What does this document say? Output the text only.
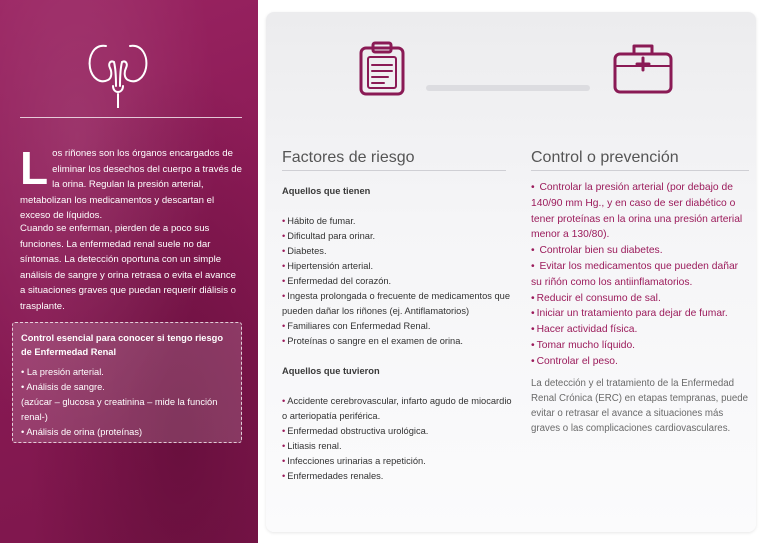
L os riñones son los órganos encargados de eliminar los desechos del cuerpo a través de la orina. Regulan la presión arterial, metabolizan los medicamentos y descartan el exceso de líquidos.
Cuando se enferman, pierden de a poco sus funciones. La enfermedad renal suele no dar síntomas. La detección oportuna con un simple análisis de sangre y orina retrasa o evita el avance a situaciones graves que puedan requerir diálisis o trasplante.
Control esencial para conocer si tengo riesgo de Enfermedad Renal
• La presión arterial.
• Análisis de sangre.
(azúcar – glucosa y creatinina – mide la función renal-)
• Análisis de orina (proteínas)
Factores de riesgo	Control o prevención
Aquellos que tienen
• Hábito de fumar.
• Dificultad para orinar.
• Diabetes.
• Hipertensión arterial.
• Enfermedad del corazón.
• Ingesta prolongada o frecuente de medicamentos que pueden dañar los riñones (ej. Antiflamatorios)
• Familiares con Enfermedad Renal.
• Proteínas o sangre en el examen de orina.
Aquellos que tuvieron
• Accidente cerebrovascular, infarto agudo de miocardio o arteriopatía periférica.
• Enfermedad obstructiva urológica.
• Litiasis renal.
• Infecciones urinarias a repetición.
• Enfermedades renales.
• Controlar la presión arterial (por debajo de 140/90 mm Hg., y en caso de ser diabético o tener proteínas en la orina una presión arterial menor a 130/80).
• Controlar bien su diabetes.
• Evitar los medicamentos que pueden dañar su riñón como los antiinflamatorios.
• Reducir el consumo de sal.
• Iniciar un tratamiento para dejar de fumar.
• Hacer actividad física.
• Tomar mucho líquido.
• Controlar el peso.
La detección y el tratamiento de la Enfermedad Renal Crónica (ERC) en etapas tempranas, puede evitar o retrasar el avance a situaciones más graves o las complicaciones cardiovasculares.
